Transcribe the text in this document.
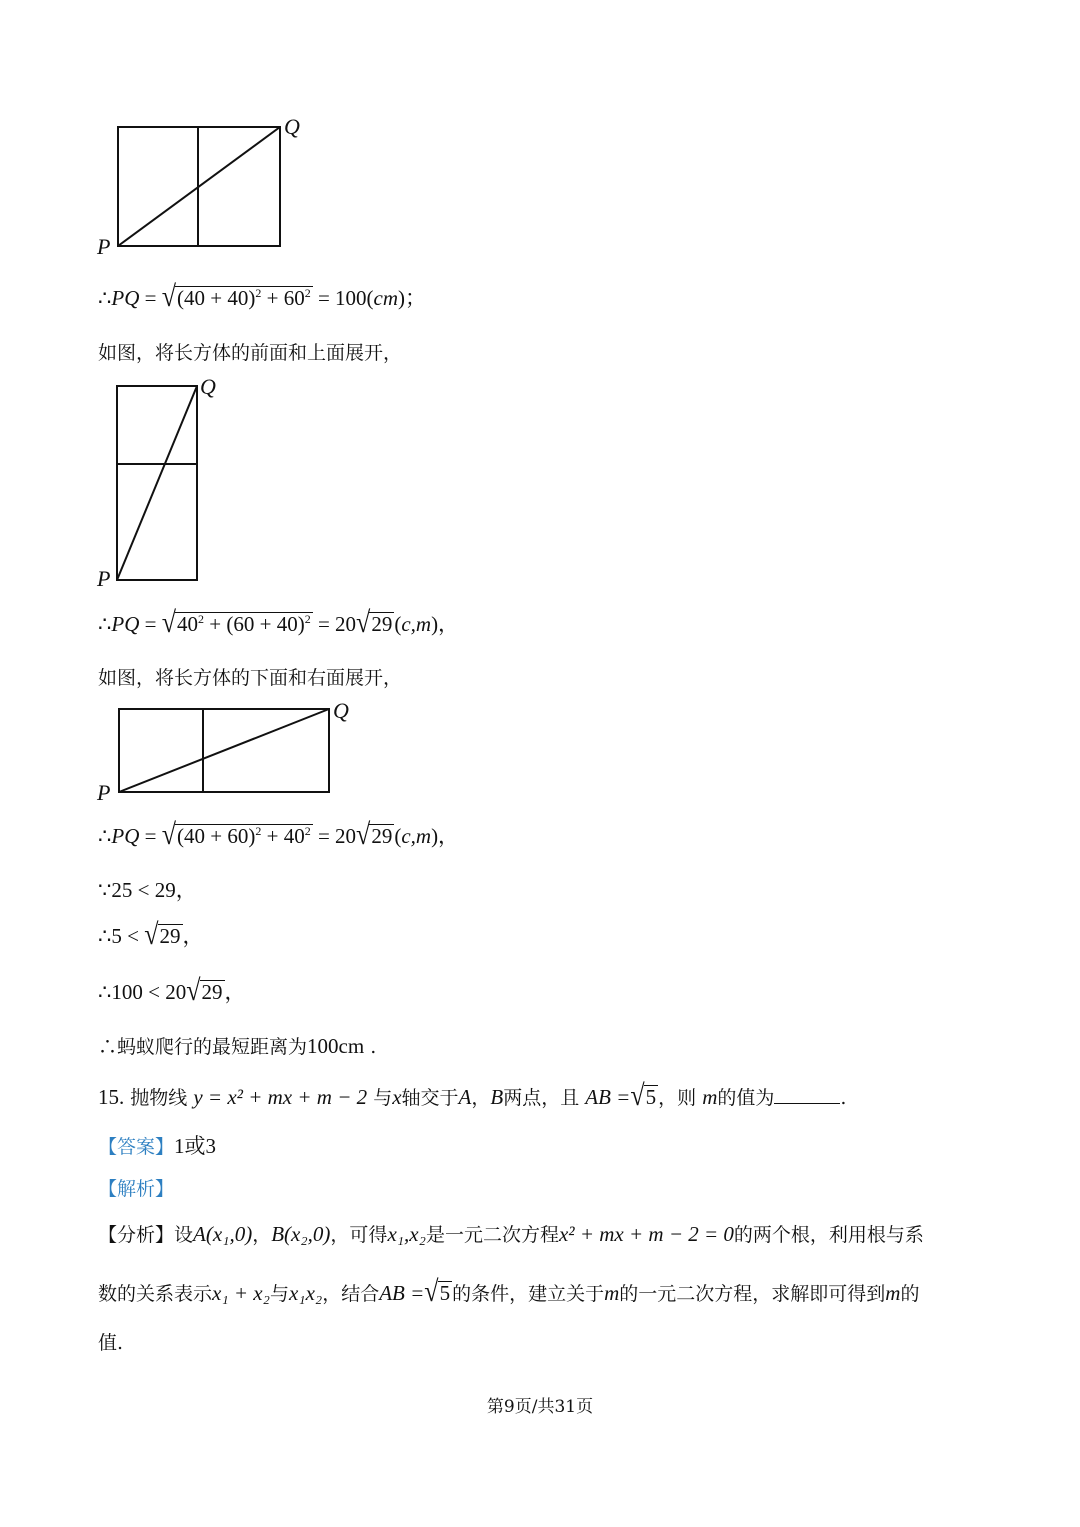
Q
P
∴PQ = $√(40 + 40)^2 + 60^2 = 100(cm)$；
如图，将长方体的前面和上面展开，
Q
P
∴PQ = $√40^2 + (60 + 40)^2 = 20√29(c,m)$，
如图，将长方体的下面和右面展开，
Q
P
∴PQ = $√(40 + 60)^2 + 40^2 = 20√29(c,m)$，
∵25 < 29，
∴5 < √29，
∴100 < 20√29，
∴蚂蚁爬行的最短距离为100cm .
15. 抛物线 y = x² + mx + m − 2 与x轴交于A，B两点，且 AB =√5 ，则 m的值为	.
【答案】1或3
【解析】
【分析】设A(x₁,0)，B(x₂,0)，可得x₁,x₂是一元二次方程x² + mx + m − 2 = 0的两个根，利用根与系
数的关系表示x₁ + x₂与x₁x₂，结合AB =√5 的条件，建立关于m的一元二次方程，求解即可得到m的
值.
第9页/共31页
